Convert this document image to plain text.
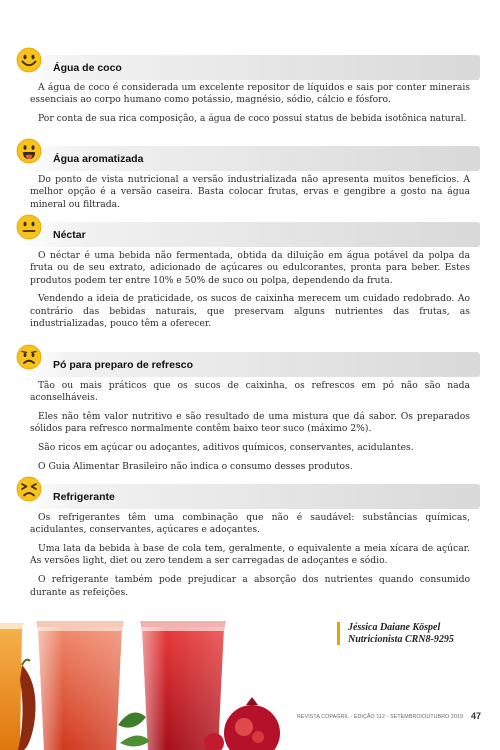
Água de coco

A água de coco é considerada um excelente repositor de líquidos e sais por conter minerais essenciais ao corpo humano como potássio, magnésio, sódio, cálcio e fósforo.

Por conta de sua rica composição, a água de coco possui status de bebida isotônica natural.

Água aromatizada

Do ponto de vista nutricional a versão industrializada não apresenta muitos benefícios. A melhor opção é a versão caseira. Basta colocar frutas, ervas e gengibre a gosto na água mineral ou filtrada.

Néctar

O néctar é uma bebida não fermentada, obtida da diluição em água potável da polpa da fruta ou de seu extrato, adicionado de açúcares ou edulcorantes, pronta para beber. Estes produtos podem ter entre 10% e 50% de suco ou polpa, dependendo da fruta.

Vendendo a ideia de praticidade, os sucos de caixinha merecem um cuidado redobrado. Ao contrário das bebidas naturais, que preservam alguns nutrientes das frutas, as industrializadas, pouco têm a oferecer.

Pó para preparo de refresco

Tão ou mais práticos que os sucos de caixinha, os refrescos em pó não são nada aconselháveis.

Eles não têm valor nutritivo e são resultado de uma mistura que dá sabor. Os preparados sólidos para refresco normalmente contêm baixo teor suco (máximo 2%).

São ricos em açúcar ou adoçantes, aditivos químicos, conservantes, acidulantes.

O Guia Alimentar Brasileiro não indica o consumo desses produtos.

Refrigerante

Os refrigerantes têm uma combinação que não é saudável: substâncias químicas, acidulantes, conservantes, açúcares e adoçantes.

Uma lata da bebida à base de cola tem, geralmente, o equivalente a meia xícara de açúcar. As versões light, diet ou zero tendem a ser carregadas de adoçantes e sódio.

O refrigerante também pode prejudicar a absorção dos nutrientes quando consumido durante as refeições.

Jéssica Daiane Köspel
Nutricionista CRN8-9295
REVISTA COPAGRIL - EDIÇÃO 112 - SETEMBRO/OUTUBRO 2019 47
